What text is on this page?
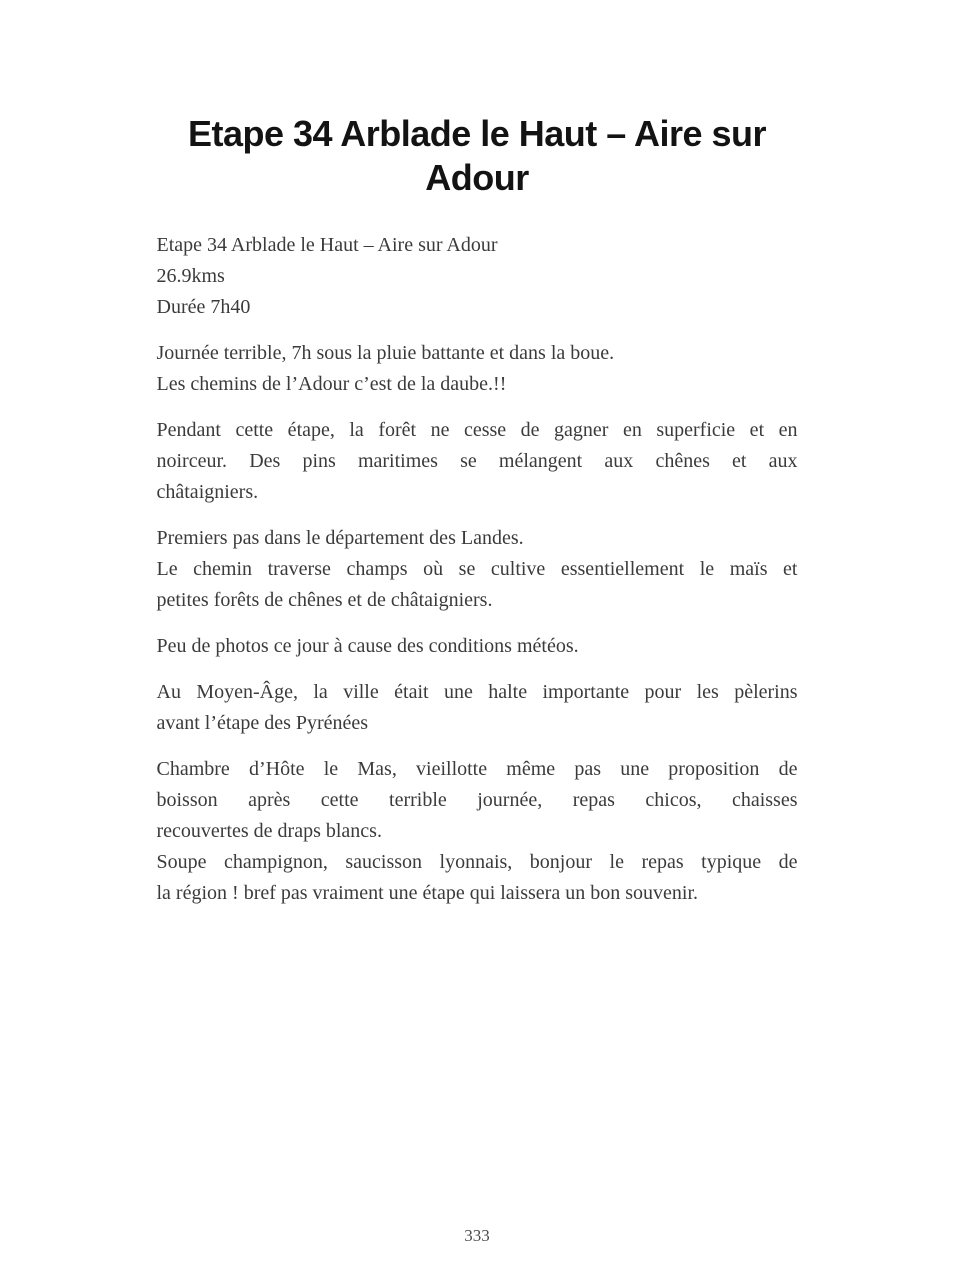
Etape 34 Arblade le Haut – Aire sur
Adour

Etape 34 Arblade le Haut – Aire sur Adour
26.9kms
Durée 7h40

Journée terrible, 7h sous la pluie battante et dans la boue.
Les chemins de l’Adour c’est de la daube.!!

Pendant cette étape, la forêt ne cesse de gagner en superficie et en
noirceur. Des pins maritimes se mélangent aux chênes et aux
châtaigniers.

Premiers pas dans le département des Landes.
Le chemin traverse champs où se cultive essentiellement le maïs et
petites forêts de chênes et de châtaigniers.

Peu de photos ce jour à cause des conditions météos.

Au Moyen-Âge, la ville était une halte importante pour les pèlerins
avant l’étape des Pyrénées

Chambre d’Hôte le Mas, vieillotte même pas une proposition de
boisson après cette terrible journée, repas chicos, chaisses
recouvertes de draps blancs.
Soupe champignon, saucisson lyonnais, bonjour le repas typique de
la région ! bref pas vraiment une étape qui laissera un bon souvenir.

333
